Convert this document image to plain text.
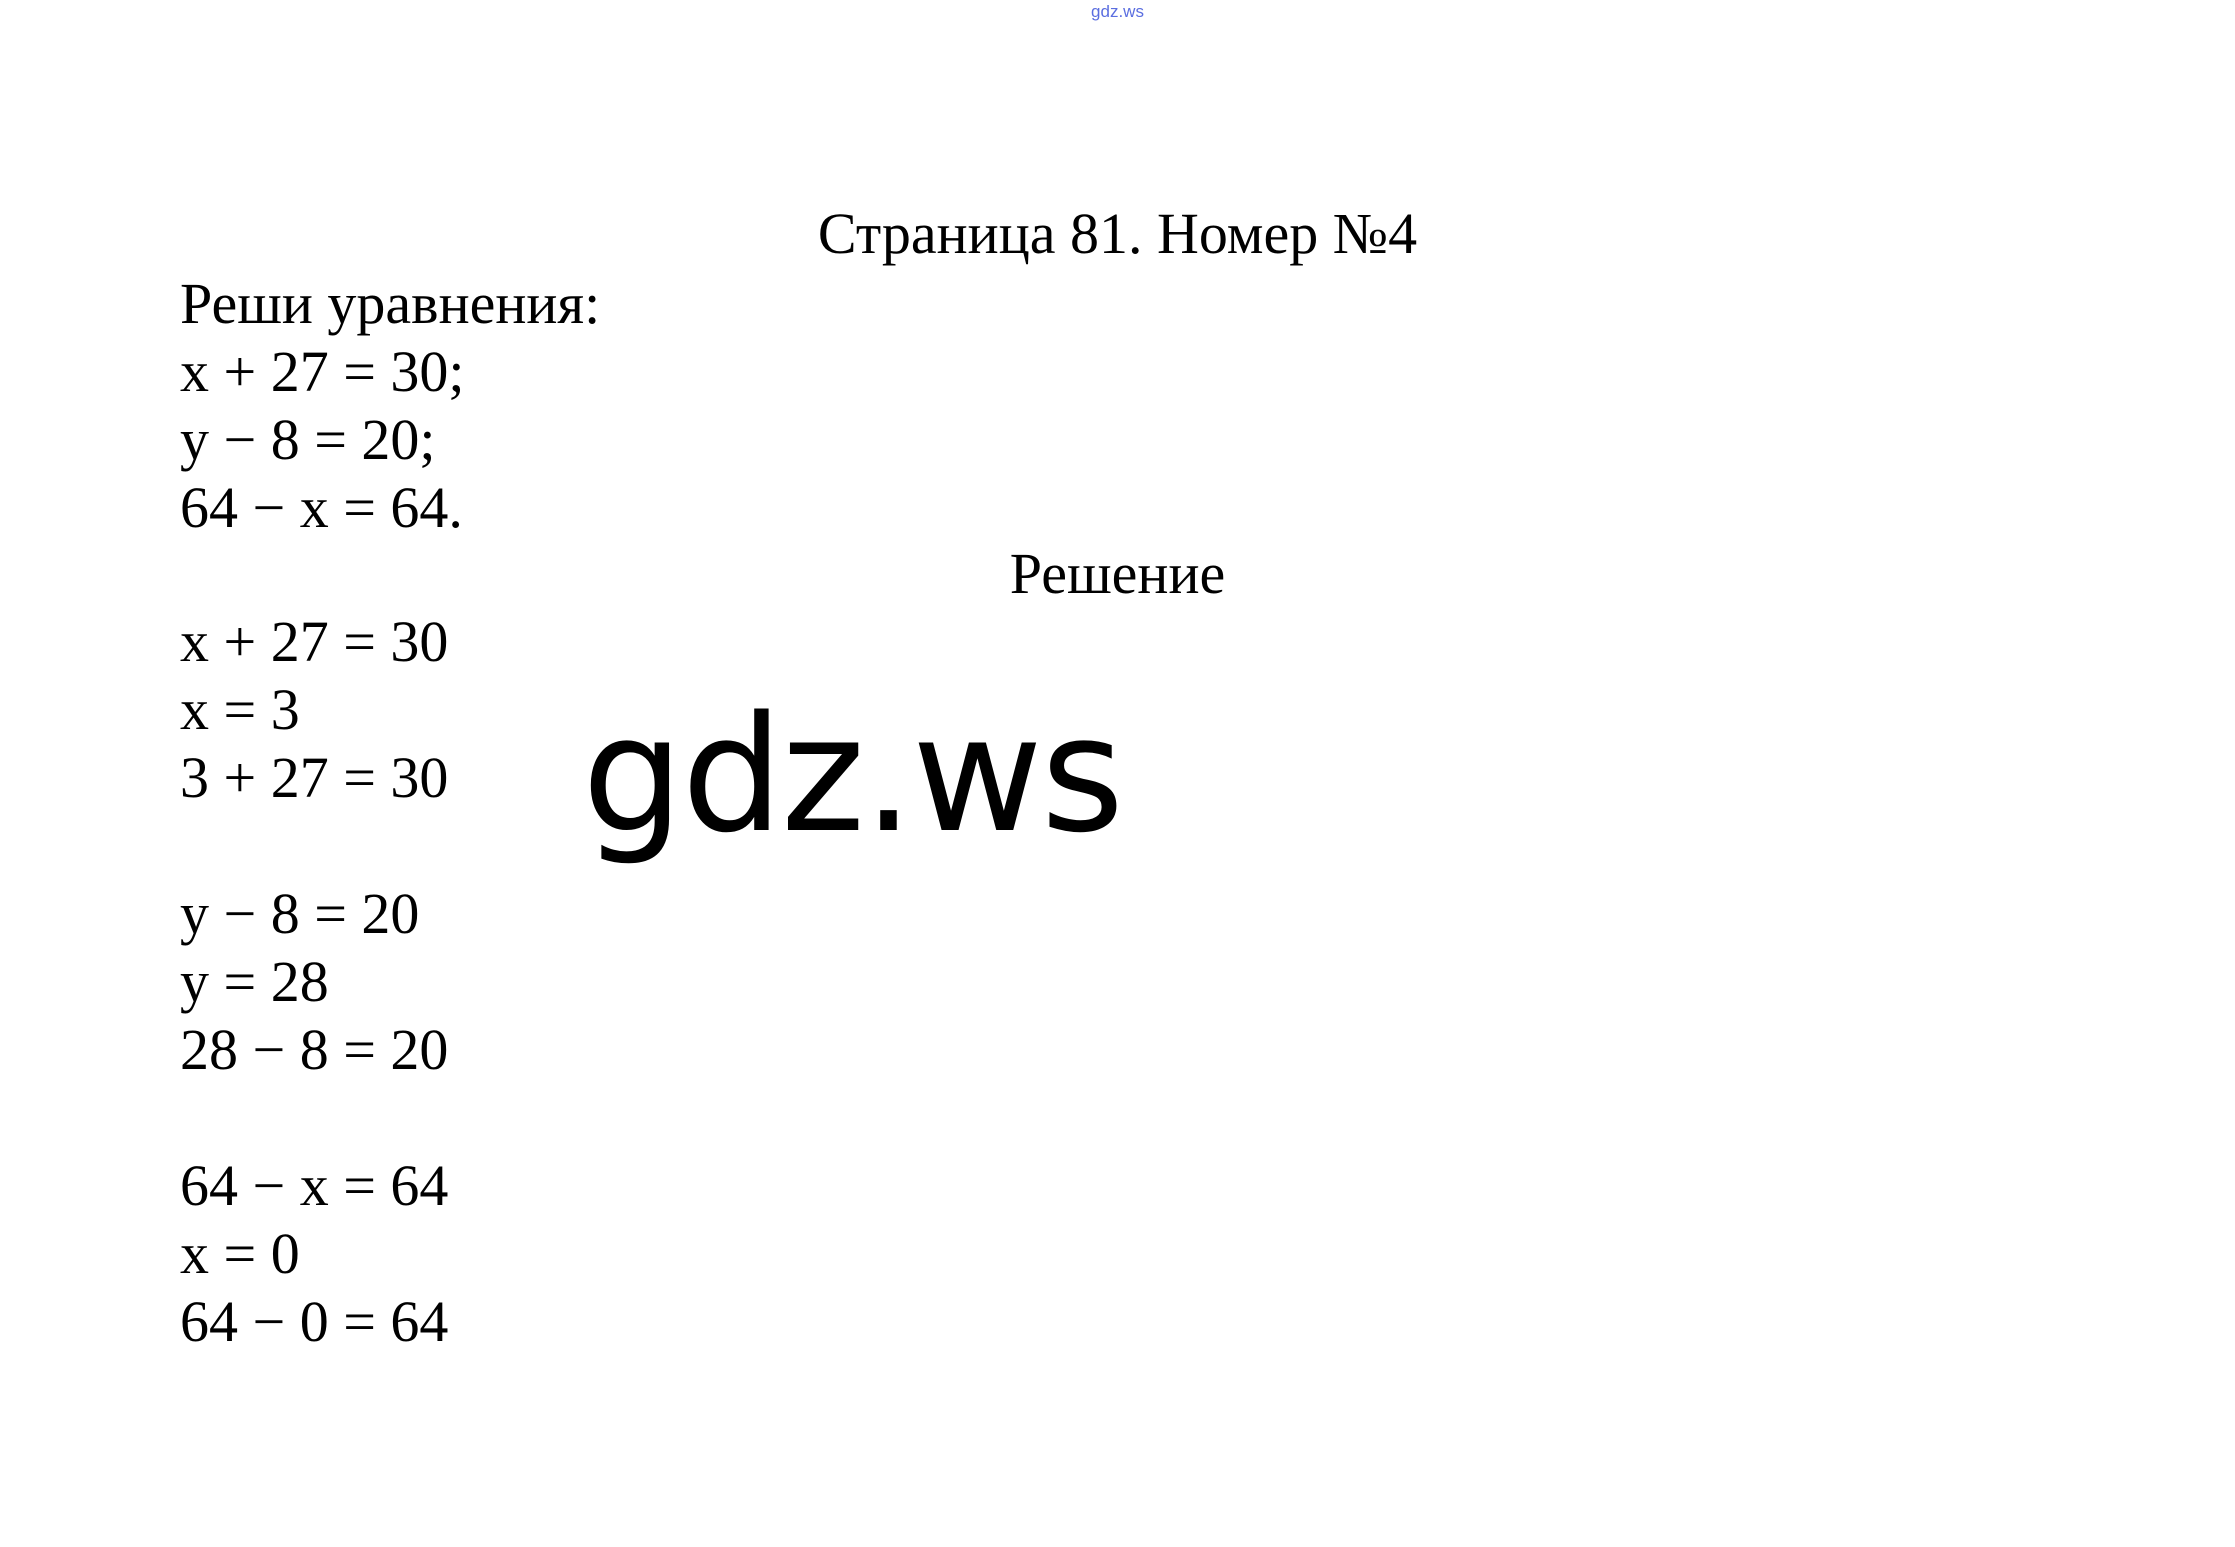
gdz.ws
Страница 81. Номер №4
Реши уравнения:
x + 27 = 30;
y − 8 = 20;
64 − x = 64.
Решение
x + 27 = 30
x = 3
3 + 27 = 30
y − 8 = 20
y = 28
28 − 8 = 20
64 − x = 64
x = 0
64 − 0 = 64
gdz.ws
